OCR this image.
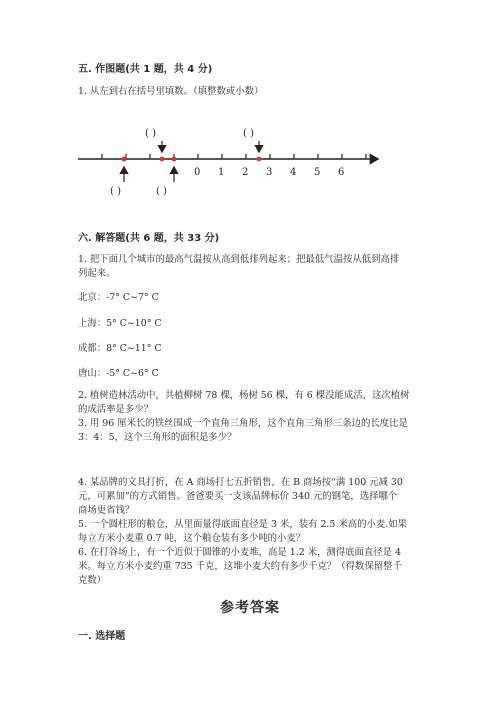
五. 作图题(共 1 题，共 4 分)
1. 从左到右在括号里填数。（填整数或小数）
0 1 2 3 4 5 6
( )	( )
( )	( )
六. 解答题(共 6 题，共 33 分)
1. 把下面几个城市的最高气温按从高到低排列起来；把最低气温按从低到高排
列起来。
北京：-7° C~7° C
上海：5° C~10° C
成都：8° C~11° C
唐山：-5° C~6° C
2. 植树造林活动中，共植柳树 78 棵，杨树 56 棵，有 6 棵没能成活，这次植树
的成活率是多少？
3. 用 96 厘米长的铁丝围成一个直角三角形，这个直角三角形三条边的长度比是
3：4：5，这个三角形的面积是多少？
4. 某品牌的文具打折，在 A 商场打七五折销售，在 B 商场按“满 100 元减 30
元，可累加”的方式销售。爸爸要买一支该品牌标价 340 元的钢笔，选择哪个
商场更省钱？
5. 一个圆柱形的粮仓，从里面量得底面直径是 3 米，装有 2.5 米高的小麦.如果
每立方米小麦重 0.7 吨，这个粮仓装有多少吨的小麦？
6. 在打谷场上，有一个近似于圆锥的小麦堆，高是 1.2 米，测得底面直径是 4
米。每立方米小麦约重 735 千克，这堆小麦大约有多少千克？（得数保留整千
克数）
参考答案
一. 选择题
